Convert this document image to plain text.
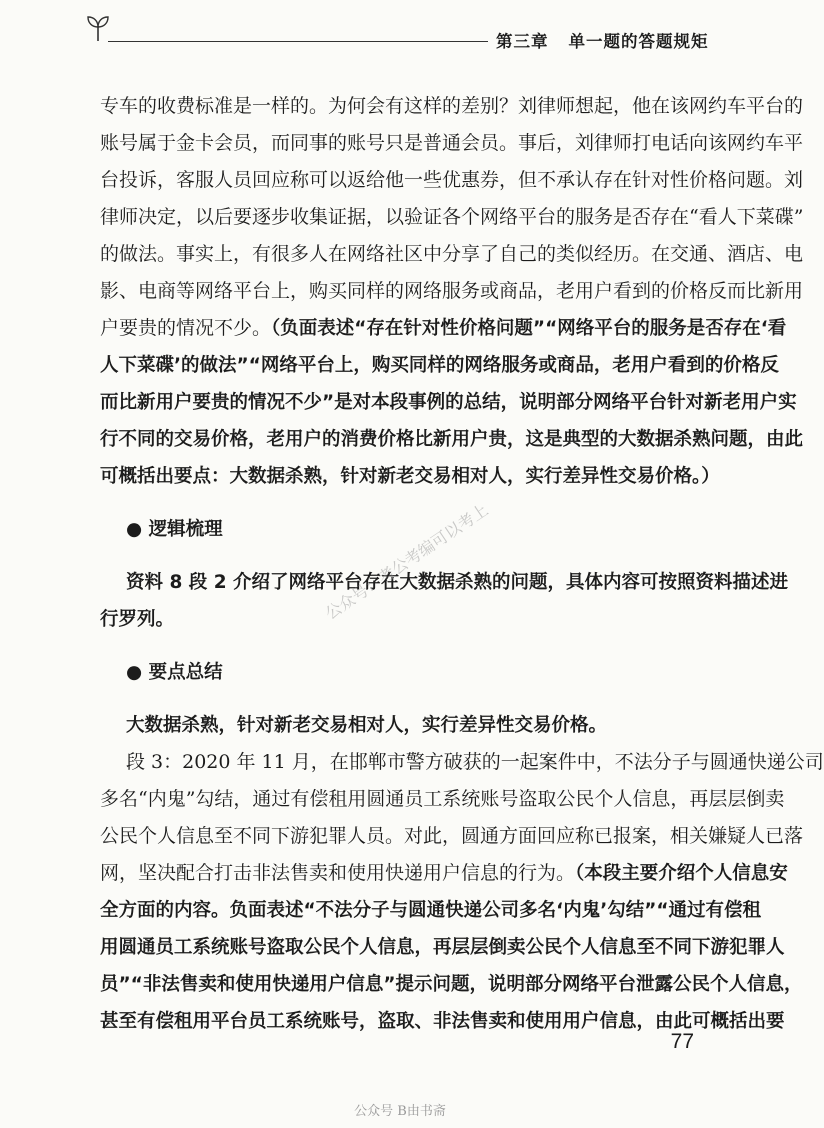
第三章 单一题的答题规矩
专车的收费标准是一样的。为何会有这样的差别？刘律师想起，他在该网约车平台的
账号属于金卡会员，而同事的账号只是普通会员。事后，刘律师打电话向该网约车平
台投诉，客服人员回应称可以返给他一些优惠券，但不承认存在针对性价格问题。刘
律师决定，以后要逐步收集证据，以验证各个网络平台的服务是否存在“看人下菜碟”
的做法。事实上，有很多人在网络社区中分享了自己的类似经历。在交通、酒店、电
影、电商等网络平台上，购买同样的网络服务或商品，老用户看到的价格反而比新用
户要贵的情况不少。（负面表述“存在针对性价格问题”“网络平台的服务是否存在‘看
人下菜碟’的做法”“网络平台上，购买同样的网络服务或商品，老用户看到的价格反
而比新用户要贵的情况不少”是对本段事例的总结，说明部分网络平台针对新老用户实
行不同的交易价格，老用户的消费价格比新用户贵，这是典型的大数据杀熟问题，由此
可概括出要点：大数据杀熟，针对新老交易相对人，实行差异性交易价格。）
● 逻辑梳理
资料 8 段 2 介绍了网络平台存在大数据杀熟的问题，具体内容可按照资料描述进
行罗列。
● 要点总结
大数据杀熟，针对新老交易相对人，实行差异性交易价格。
段 3：2020 年 11 月，在邯郸市警方破获的一起案件中，不法分子与圆通快递公司
多名“内鬼”勾结，通过有偿租用圆通员工系统账号盗取公民个人信息，再层层倒卖
公民个人信息至不同下游犯罪人员。对此，圆通方面回应称已报案，相关嫌疑人已落
网，坚决配合打击非法售卖和使用快递用户信息的行为。（本段主要介绍个人信息安
全方面的内容。负面表述“不法分子与圆通快递公司多名‘内鬼’勾结”“通过有偿租
用圆通员工系统账号盗取公民个人信息，再层层倒卖公民个人信息至不同下游犯罪人
员”“非法售卖和使用快递用户信息”提示问题，说明部分网络平台泄露公民个人信息，
甚至有偿租用平台员工系统账号，盗取、非法售卖和使用用户信息，由此可概括出要
公众号：考公考编可以考上
77
公众号 B由书斋
